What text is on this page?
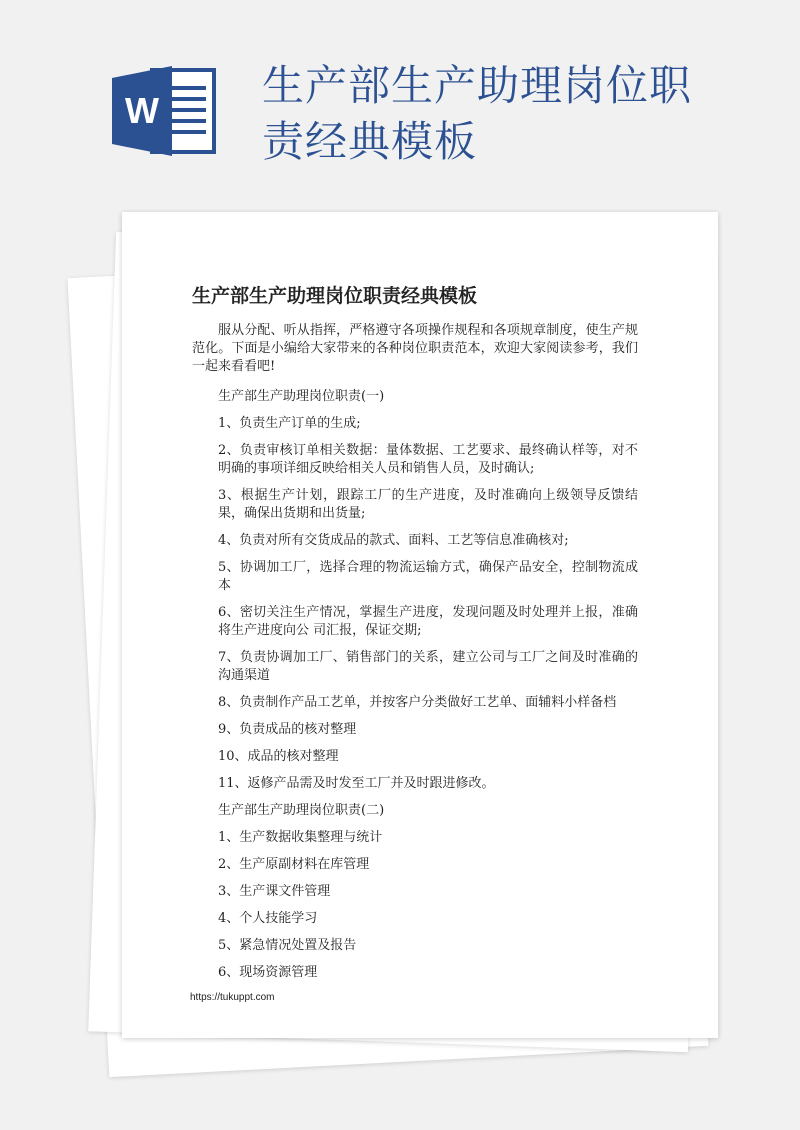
W
生产部生产助理岗位职责经典模板
生产部生产助理岗位职责经典模板

服从分配、听从指挥，严格遵守各项操作规程和各项规章制度，使生产规范化。下面是小编给大家带来的各种岗位职责范本，欢迎大家阅读参考，我们一起来看看吧!

生产部生产助理岗位职责(一)

1、负责生产订单的生成;

2、负责审核订单相关数据：量体数据、工艺要求、最终确认样等，对不明确的事项详细反映给相关人员和销售人员，及时确认;

3、根据生产计划，跟踪工厂的生产进度，及时准确向上级领导反馈结果，确保出货期和出货量;

4、负责对所有交货成品的款式、面料、工艺等信息准确核对;

5、协调加工厂，选择合理的物流运输方式，确保产品安全，控制物流成本

6、密切关注生产情况，掌握生产进度，发现问题及时处理并上报，准确将生产进度向公 司汇报，保证交期;

7、负责协调加工厂、销售部门的关系，建立公司与工厂之间及时准确的沟通渠道

8、负责制作产品工艺单，并按客户分类做好工艺单、面辅料小样备档

9、负责成品的核对整理

10、成品的核对整理

11、返修产品需及时发至工厂并及时跟进修改。

生产部生产助理岗位职责(二)

1、生产数据收集整理与统计

2、生产原副材料在库管理

3、生产课文件管理

4、个人技能学习

5、紧急情况处置及报告

6、现场资源管理

https://tukuppt.com
